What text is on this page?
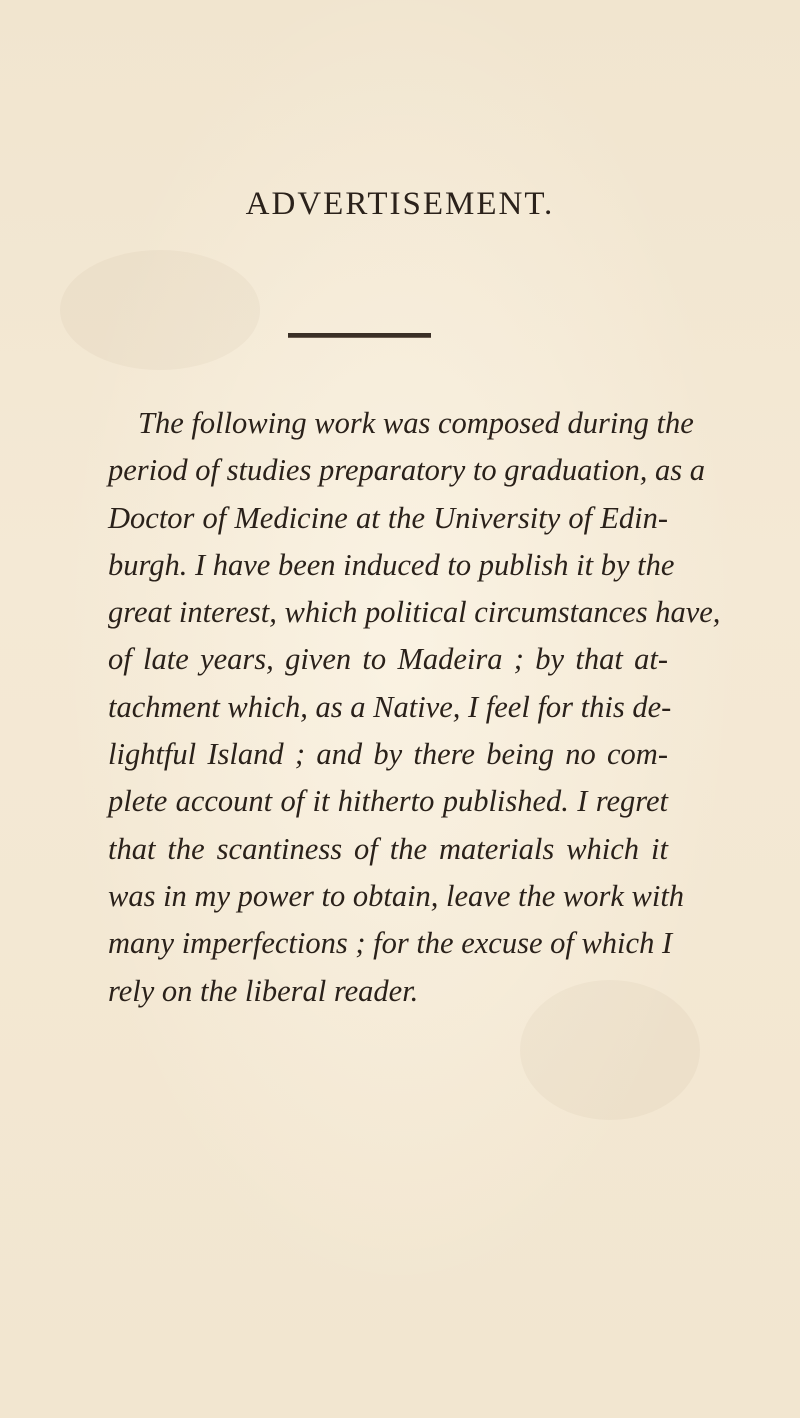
ADVERTISEMENT.
The following work was composed during the
period of studies preparatory to graduation, as a
Doctor of Medicine at the University of Edin-
burgh. I have been induced to publish it by the
great interest, which political circumstances have,
of late years, given to Madeira ; by that at-
tachment which, as a Native, I feel for this de-
lightful Island ; and by there being no com-
plete account of it hitherto published. I regret
that the scantiness of the materials which it
was in my power to obtain, leave the work with
many imperfections ; for the excuse of which I
rely on the liberal reader.
